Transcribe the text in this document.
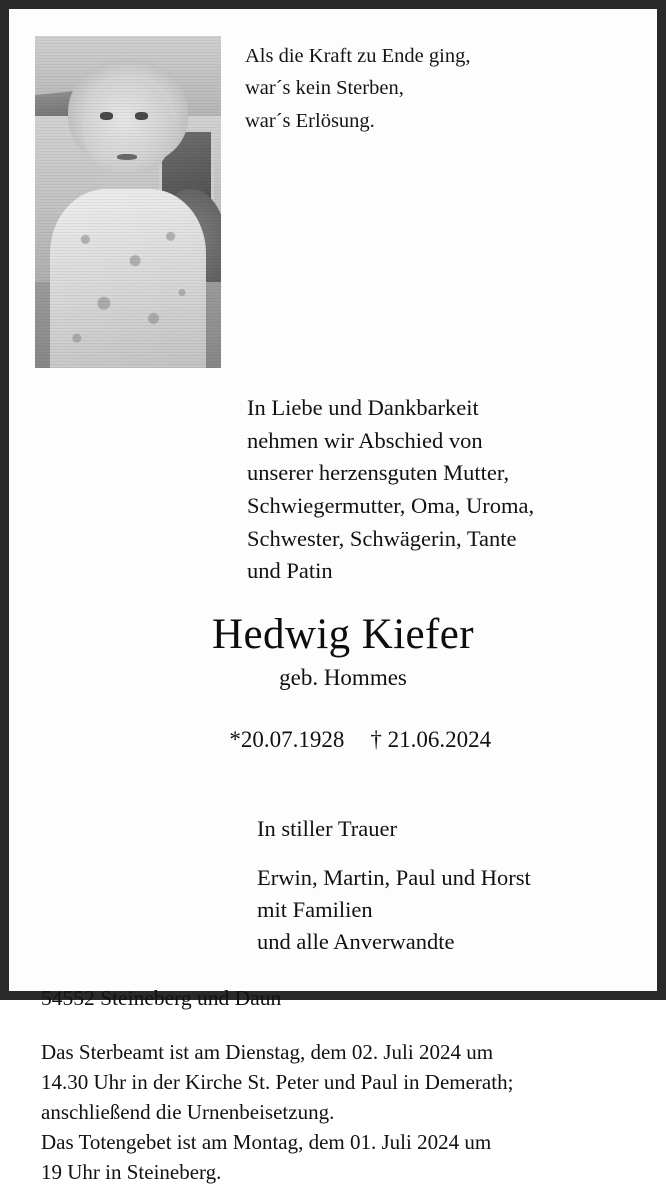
Als die Kraft zu Ende ging,
war´s kein Sterben,
war´s Erlösung.
In Liebe und Dankbarkeit
nehmen wir Abschied von
unserer herzensguten Mutter,
Schwiegermutter, Oma, Uroma,
Schwester, Schwägerin, Tante
und Patin
Hedwig Kiefer
geb. Hommes

*20.07.1928 † 21.06.2024

In stiller Trauer
Erwin, Martin, Paul und Horst
mit Familien
und alle Anverwandte
54552 Steineberg und Daun
Das Sterbeamt ist am Dienstag, dem 02. Juli 2024 um
14.30 Uhr in der Kirche St. Peter und Paul in Demerath;
anschließend die Urnenbeisetzung.
Das Totengebet ist am Montag, dem 01. Juli 2024 um
19 Uhr in Steineberg.
